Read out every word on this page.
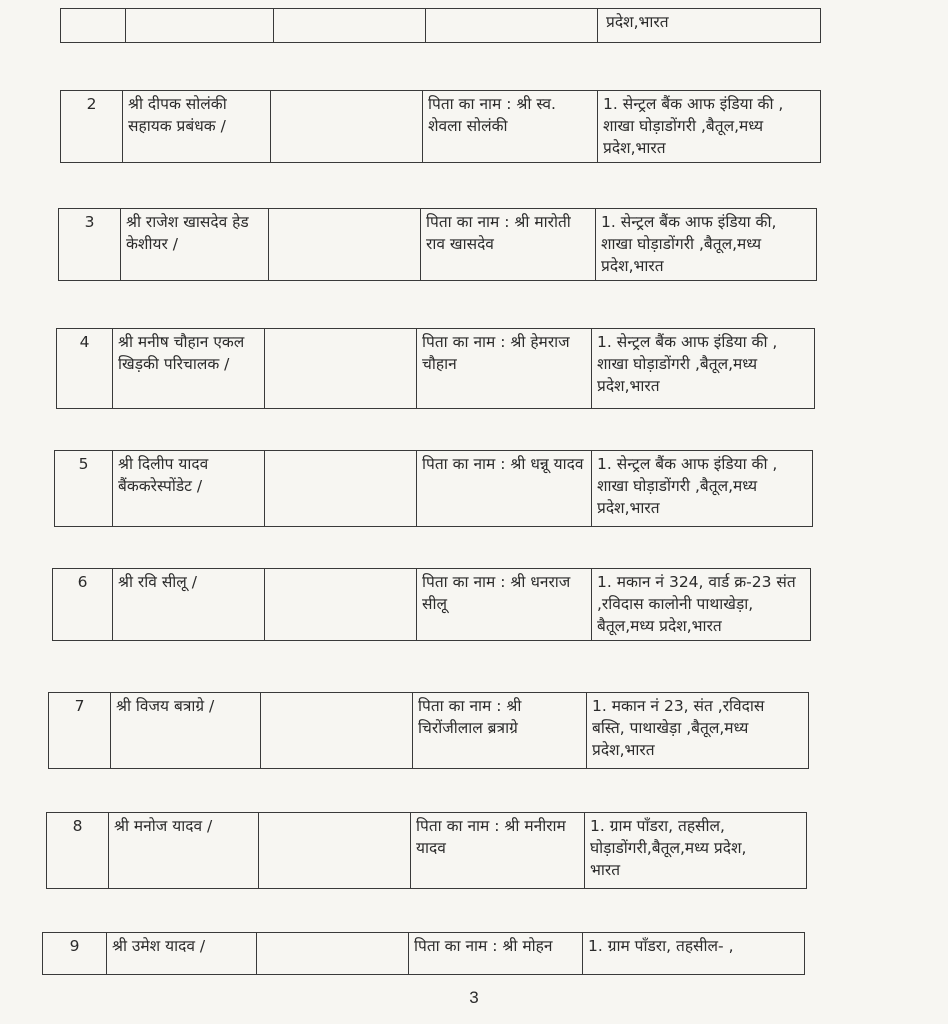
				प्रदेश,भारत
2	श्री दीपक सोलंकी सहायक प्रबंधक /		पिता का नाम : श्री स्व. शेवला सोलंकी	1. सेन्ट्रल बैंक आफ इंडिया की ,
शाखा घोड़ाडोंगरी ,बैतूल,मध्य
प्रदेश,भारत
3	श्री राजेश खासदेव हेड केशीयर /		पिता का नाम : श्री मारोती राव खासदेव	1. सेन्ट्रल बैंक आफ इंडिया की,
शाखा घोड़ाडोंगरी ,बैतूल,मध्य
प्रदेश,भारत
4	श्री मनीष चौहान एकल खिड़की परिचालक /		पिता का नाम : श्री हेमराज चौहान	1. सेन्ट्रल बैंक आफ इंडिया की ,
शाखा घोड़ाडोंगरी ,बैतूल,मध्य
प्रदेश,भारत
5	श्री दिलीप यादव बैंककरेस्पोंडेट /		पिता का नाम : श्री धन्नू यादव	1. सेन्ट्रल बैंक आफ इंडिया की ,
शाखा घोड़ाडोंगरी ,बैतूल,मध्य
प्रदेश,भारत
6	श्री रवि सीलू /		पिता का नाम : श्री धनराज सीलू	1. मकान नं 324, वार्ड क्र-23 संत
,रविदास कालोनी पाथाखेड़ा,
बैतूल,मध्य प्रदेश,भारत
7	श्री विजय बत्राग्रे /		पिता का नाम : श्री चिरोंजीलाल ब्रत्राग्रे	1. मकान नं 23, संत ,रविदास
बस्ति, पाथाखेड़ा ,बैतूल,मध्य
प्रदेश,भारत
8	श्री मनोज यादव /		पिता का नाम : श्री मनीराम यादव	1. ग्राम पाँडरा, तहसील,
घोड़ाडोंगरी,बैतूल,मध्य प्रदेश,
भारत
9	श्री उमेश यादव /		पिता का नाम : श्री मोहन	1. ग्राम पाँडरा, तहसील- ,
3
